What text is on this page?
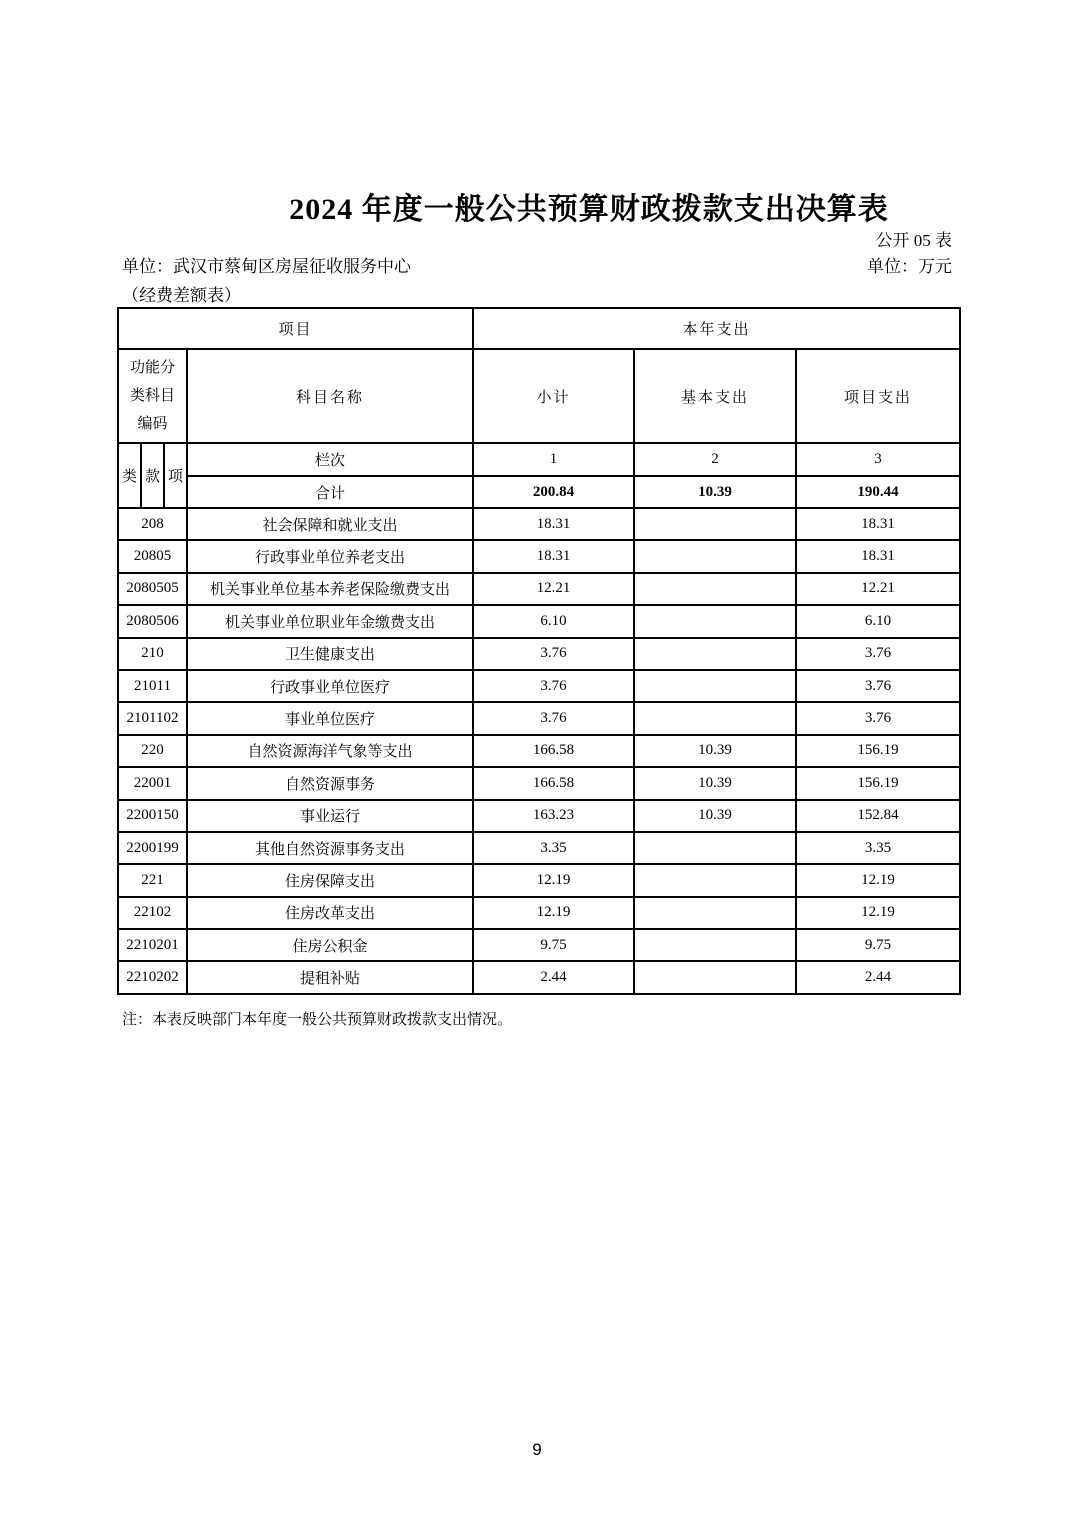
2024 年度一般公共预算财政拨款支出决算表
公开 05 表
单位：武汉市蔡甸区房屋征收服务中心	单位：万元
（经费差额表）
项目				本年支出		

功能分
类科目
编码			科目名称	小计	基本支出	项目支出
类	款	项	栏次	1	2	3
			合计	200.84	10.39	190.44
208			社会保障和就业支出	18.31		18.31
20805			行政事业单位养老支出	18.31		18.31
2080505			机关事业单位基本养老保险缴费支出	12.21		12.21
2080506			机关事业单位职业年金缴费支出	6.10		6.10
210			卫生健康支出	3.76		3.76
21011			行政事业单位医疗	3.76		3.76
2101102			事业单位医疗	3.76		3.76
220			自然资源海洋气象等支出	166.58	10.39	156.19
22001			自然资源事务	166.58	10.39	156.19
2200150			事业运行	163.23	10.39	152.84
2200199			其他自然资源事务支出	3.35		3.35
221			住房保障支出	12.19		12.19
22102			住房改革支出	12.19		12.19
2210201			住房公积金	9.75		9.75
2210202			提租补贴	2.44		2.44
注：本表反映部门本年度一般公共预算财政拨款支出情况。
9
